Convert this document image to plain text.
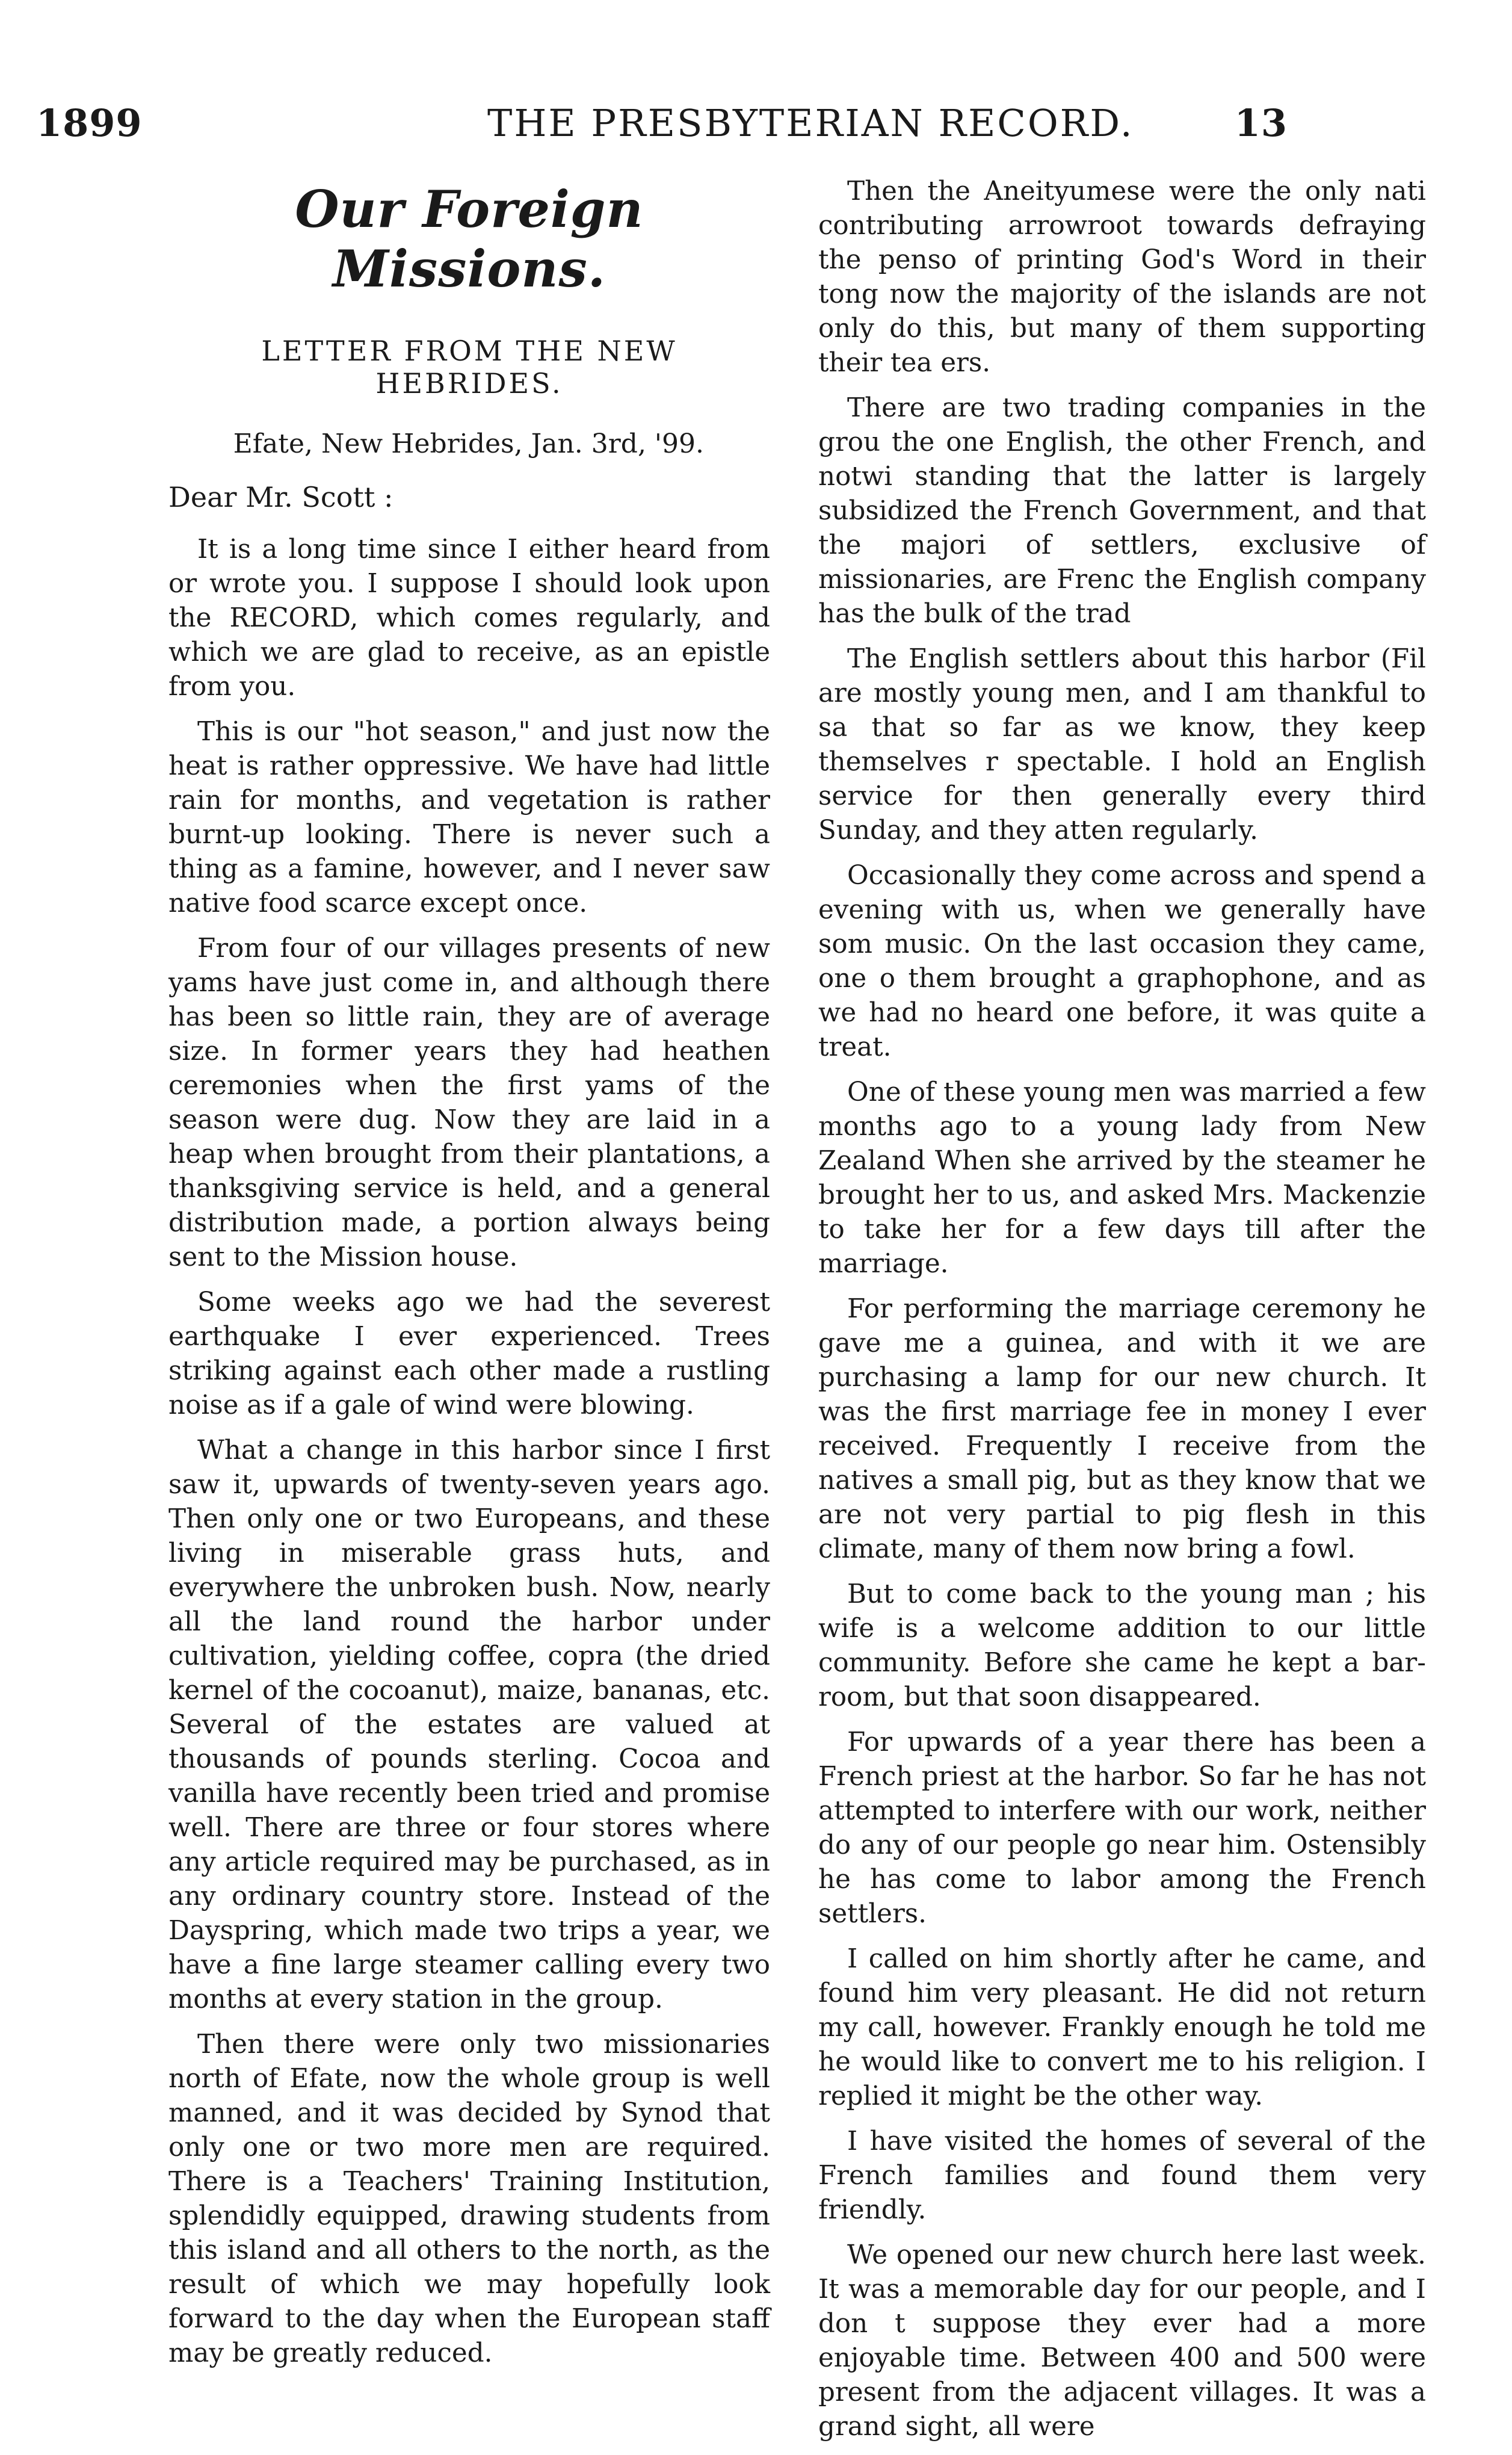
1899	THE PRESBYTERIAN RECORD.	13
Our Foreign Missions.
LETTER FROM THE NEW HEBRIDES.
Efate, New Hebrides, Jan. 3rd, '99.
Dear Mr. Scott :

It is a long time since I either heard from or wrote you. I suppose I should look upon the RECORD, which comes regularly, and which we are glad to receive, as an epistle from you.

This is our "hot season," and just now the heat is rather oppressive. We have had little rain for months, and vegetation is rather burnt-up looking. There is never such a thing as a famine, however, and I never saw native food scarce except once.

From four of our villages presents of new yams have just come in, and although there has been so little rain, they are of average size. In former years they had heathen ceremonies when the first yams of the season were dug. Now they are laid in a heap when brought from their plantations, a thanksgiving service is held, and a general distribution made, a portion always being sent to the Mission house.

Some weeks ago we had the severest earthquake I ever experienced. Trees striking against each other made a rustling noise as if a gale of wind were blowing.

What a change in this harbor since I first saw it, upwards of twenty-seven years ago. Then only one or two Europeans, and these living in miserable grass huts, and everywhere the unbroken bush. Now, nearly all the land round the harbor under cultivation, yielding coffee, copra (the dried kernel of the cocoanut), maize, bananas, etc. Several of the estates are valued at thousands of pounds sterling. Cocoa and vanilla have recently been tried and promise well. There are three or four stores where any article required may be purchased, as in any ordinary country store. Instead of the Dayspring, which made two trips a year, we have a fine large steamer calling every two months at every station in the group.

Then there were only two missionaries north of Efate, now the whole group is well manned, and it was decided by Synod that only one or two more men are required. There is a Teachers' Training Institution, splendidly equipped, drawing students from this island and all others to the north, as the result of which we may hopefully look forward to the day when the European staff may be greatly reduced.

Then the Aneityumese were the only nati contributing arrowroot towards defraying the penso of printing God's Word in their tong now the majority of the islands are not only do this, but many of them supporting their tea ers.

There are two trading companies in the grou the one English, the other French, and notwi standing that the latter is largely subsidized the French Government, and that the majori of settlers, exclusive of missionaries, are Frenc the English company has the bulk of the trad

The English settlers about this harbor (Fil are mostly young men, and I am thankful to sa that so far as we know, they keep themselves r spectable. I hold an English service for then generally every third Sunday, and they atten regularly.

Occasionally they come across and spend a evening with us, when we generally have som music. On the last occasion they came, one o them brought a graphophone, and as we had no heard one before, it was quite a treat.

One of these young men was married a few months ago to a young lady from New Zealand When she arrived by the steamer he brought her to us, and asked Mrs. Mackenzie to take her for a few days till after the marriage.

For performing the marriage ceremony he gave me a guinea, and with it we are purchasing a lamp for our new church. It was the first marriage fee in money I ever received. Frequently I receive from the natives a small pig, but as they know that we are not very partial to pig flesh in this climate, many of them now bring a fowl.

But to come back to the young man ; his wife is a welcome addition to our little community. Before she came he kept a bar-room, but that soon disappeared.

For upwards of a year there has been a French priest at the harbor. So far he has not attempted to interfere with our work, neither do any of our people go near him. Ostensibly he has come to labor among the French settlers.

I called on him shortly after he came, and found him very pleasant. He did not return my call, however. Frankly enough he told me he would like to convert me to his religion. I replied it might be the other way.

I have visited the homes of several of the French families and found them very friendly.

We opened our new church here last week. It was a memorable day for our people, and I don t suppose they ever had a more enjoyable time. Between 400 and 500 were present from the adjacent villages. It was a grand sight, all were
